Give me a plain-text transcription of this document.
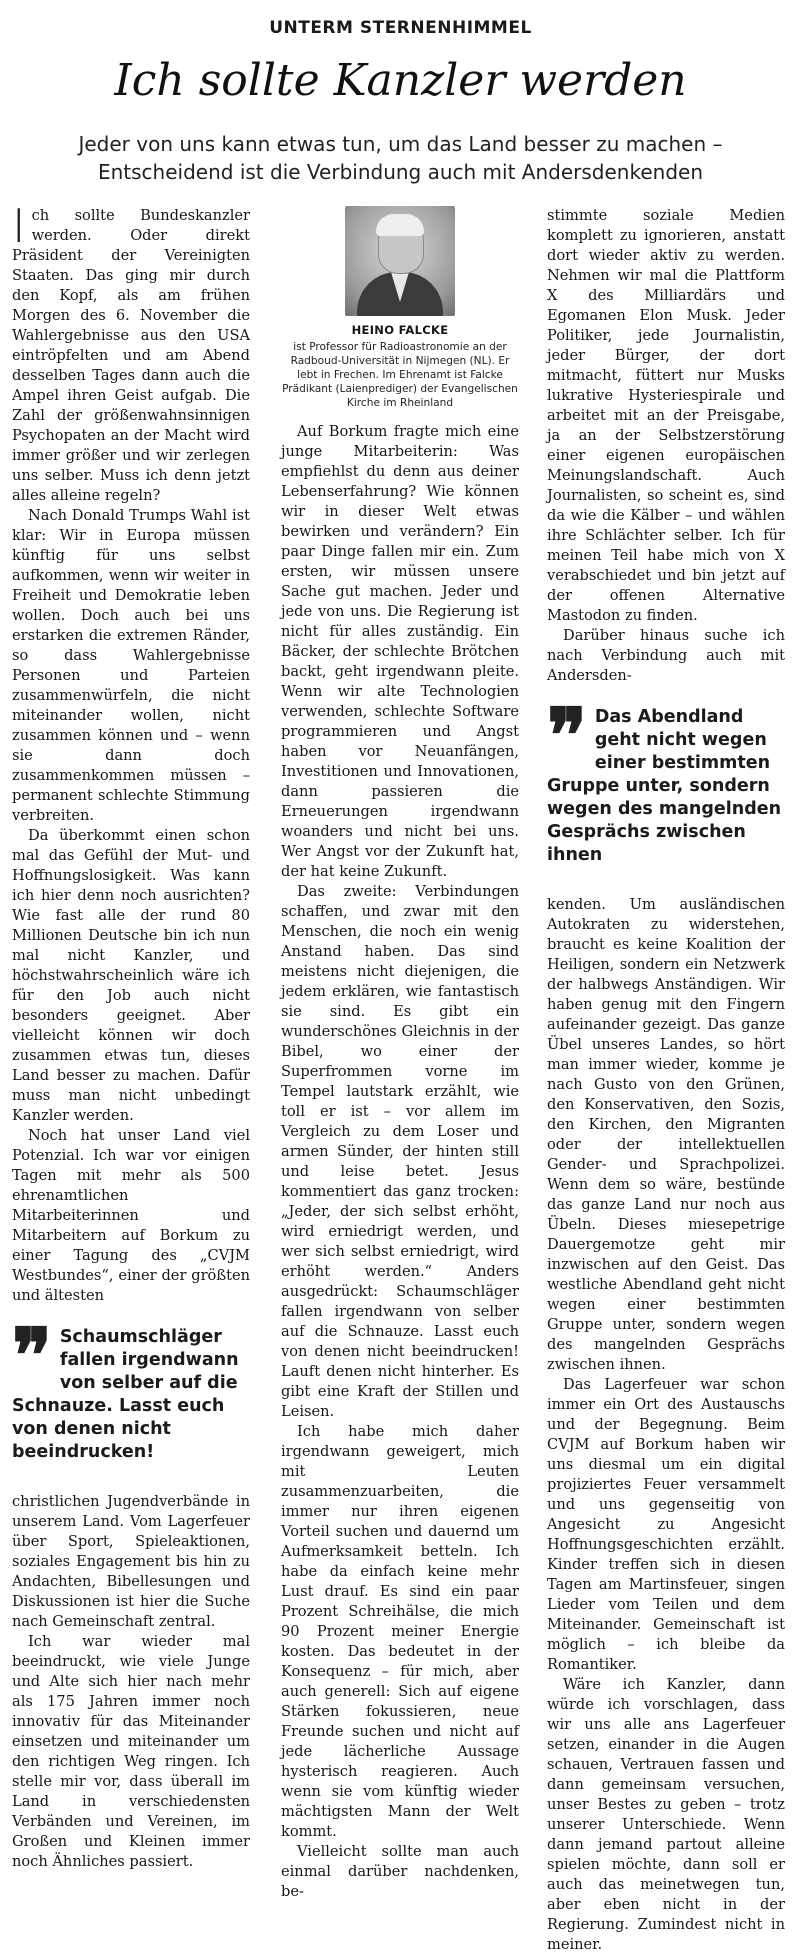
UNTERM STERNENHIMMEL
Ich sollte Kanzler werden
Jeder von uns kann etwas tun, um das Land besser zu machen – Entscheidend ist die Verbindung auch mit Andersdenkenden

Ich sollte Bundeskanzler werden. Oder direkt Präsident der Vereinigten Staaten. Das ging mir durch den Kopf, als am frühen Morgen des 6. November die Wahlergebnisse aus den USA eintröpfelten und am Abend desselben Tages dann auch die Ampel ihren Geist aufgab. Die Zahl der größenwahnsinnigen Psychopaten an der Macht wird immer größer und wir zerlegen uns selber. Muss ich denn jetzt alles alleine regeln?

Nach Donald Trumps Wahl ist klar: Wir in Europa müssen künftig für uns selbst aufkommen, wenn wir weiter in Freiheit und Demokratie leben wollen. Doch auch bei uns erstarken die extremen Ränder, so dass Wahlergebnisse Personen und Parteien zusammenwürfeln, die nicht miteinander wollen, nicht zusammen können und – wenn sie dann doch zusammenkommen müssen – permanent schlechte Stimmung verbreiten.

Da überkommt einen schon mal das Gefühl der Mut- und Hoffnungslosigkeit. Was kann ich hier denn noch ausrichten? Wie fast alle der rund 80 Millionen Deutsche bin ich nun mal nicht Kanzler, und höchstwahrscheinlich wäre ich für den Job auch nicht besonders geeignet. Aber vielleicht können wir doch zusammen etwas tun, dieses Land besser zu machen. Dafür muss man nicht unbedingt Kanzler werden.

Noch hat unser Land viel Potenzial. Ich war vor einigen Tagen mit mehr als 500 ehrenamtlichen Mitarbeiterinnen und Mitarbeitern auf Borkum zu einer Tagung des „CVJM Westbundes“, einer der größten und ältesten

❞ Schaumschläger fallen irgendwann von selber auf die Schnauze. Lasst euch von denen nicht beeindrucken!

christlichen Jugendverbände in unserem Land. Vom Lagerfeuer über Sport, Spieleaktionen, soziales Engagement bis hin zu Andachten, Bibellesungen und Diskussionen ist hier die Suche nach Gemeinschaft zentral.

Ich war wieder mal beeindruckt, wie viele Junge und Alte sich hier nach mehr als 175 Jahren immer noch innovativ für das Miteinander einsetzen und miteinander um den richtigen Weg ringen. Ich stelle mir vor, dass überall im Land in verschiedensten Verbänden und Vereinen, im Großen und Kleinen immer noch Ähnliches passiert.

HEINO FALCKE
ist Professor für Radioastronomie an der Radboud-Universität in Nijmegen (NL). Er lebt in Frechen. Im Ehrenamt ist Falcke Prädikant (Laienprediger) der Evangelischen Kirche im Rheinland

Auf Borkum fragte mich eine junge Mitarbeiterin: Was empfiehlst du denn aus deiner Lebenserfahrung? Wie können wir in dieser Welt etwas bewirken und verändern? Ein paar Dinge fallen mir ein. Zum ersten, wir müssen unsere Sache gut machen. Jeder und jede von uns. Die Regierung ist nicht für alles zuständig. Ein Bäcker, der schlechte Brötchen backt, geht irgendwann pleite. Wenn wir alte Technologien verwenden, schlechte Software programmieren und Angst haben vor Neuanfängen, Investitionen und Innovationen, dann passieren die Erneuerungen irgendwann woanders und nicht bei uns. Wer Angst vor der Zukunft hat, der hat keine Zukunft.

Das zweite: Verbindungen schaffen, und zwar mit den Menschen, die noch ein wenig Anstand haben. Das sind meistens nicht diejenigen, die jedem erklären, wie fantastisch sie sind. Es gibt ein wunderschönes Gleichnis in der Bibel, wo einer der Superfrommen vorne im Tempel lautstark erzählt, wie toll er ist – vor allem im Vergleich zu dem Loser und armen Sünder, der hinten still und leise betet. Jesus kommentiert das ganz trocken: „Jeder, der sich selbst erhöht, wird erniedrigt werden, und wer sich selbst erniedrigt, wird erhöht werden.“ Anders ausgedrückt: Schaumschläger fallen irgendwann von selber auf die Schnauze. Lasst euch von denen nicht beeindrucken! Lauft denen nicht hinterher. Es gibt eine Kraft der Stillen und Leisen.

Ich habe mich daher irgendwann geweigert, mich mit Leuten zusammenzuarbeiten, die immer nur ihren eigenen Vorteil suchen und dauernd um Aufmerksamkeit betteln. Ich habe da einfach keine mehr Lust drauf. Es sind ein paar Prozent Schreihälse, die mich 90 Prozent meiner Energie kosten. Das bedeutet in der Konsequenz – für mich, aber auch generell: Sich auf eigene Stärken fokussieren, neue Freunde suchen und nicht auf jede lächerliche Aussage hysterisch reagieren. Auch wenn sie vom künftig wieder mächtigsten Mann der Welt kommt.

Vielleicht sollte man auch einmal darüber nachdenken, be-

stimmte soziale Medien komplett zu ignorieren, anstatt dort wieder aktiv zu werden. Nehmen wir mal die Plattform X des Milliardärs und Egomanen Elon Musk. Jeder Politiker, jede Journalistin, jeder Bürger, der dort mitmacht, füttert nur Musks lukrative Hysteriespirale und arbeitet mit an der Preisgabe, ja an der Selbstzerstörung einer eigenen europäischen Meinungslandschaft. Auch Journalisten, so scheint es, sind da wie die Kälber – und wählen ihre Schlächter selber. Ich für meinen Teil habe mich von X verabschiedet und bin jetzt auf der offenen Alternative Mastodon zu finden.

Darüber hinaus suche ich nach Verbindung auch mit Andersden-

❞ Das Abendland geht nicht wegen einer bestimmten Gruppe unter, sondern wegen des mangelnden Gesprächs zwischen ihnen

kenden. Um ausländischen Autokraten zu widerstehen, braucht es keine Koalition der Heiligen, sondern ein Netzwerk der halbwegs Anständigen. Wir haben genug mit den Fingern aufeinander gezeigt. Das ganze Übel unseres Landes, so hört man immer wieder, komme je nach Gusto von den Grünen, den Konservativen, den Sozis, den Kirchen, den Migranten oder der intellektuellen Gender- und Sprachpolizei. Wenn dem so wäre, bestünde das ganze Land nur noch aus Übeln. Dieses miesepetrige Dauergemotze geht mir inzwischen auf den Geist. Das westliche Abendland geht nicht wegen einer bestimmten Gruppe unter, sondern wegen des mangelnden Gesprächs zwischen ihnen.

Das Lagerfeuer war schon immer ein Ort des Austauschs und der Begegnung. Beim CVJM auf Borkum haben wir uns diesmal um ein digital projiziertes Feuer versammelt und uns gegenseitig von Angesicht zu Angesicht Hoffnungsgeschichten erzählt. Kinder treffen sich in diesen Tagen am Martinsfeuer, singen Lieder vom Teilen und dem Miteinander. Gemeinschaft ist möglich – ich bleibe da Romantiker.

Wäre ich Kanzler, dann würde ich vorschlagen, dass wir uns alle ans Lagerfeuer setzen, einander in die Augen schauen, Vertrauen fassen und dann gemeinsam versuchen, unser Bestes zu geben – trotz unserer Unterschiede. Wenn dann jemand partout alleine spielen möchte, dann soll er auch das meinetwegen tun, aber eben nicht in der Regierung. Zumindest nicht in meiner.
